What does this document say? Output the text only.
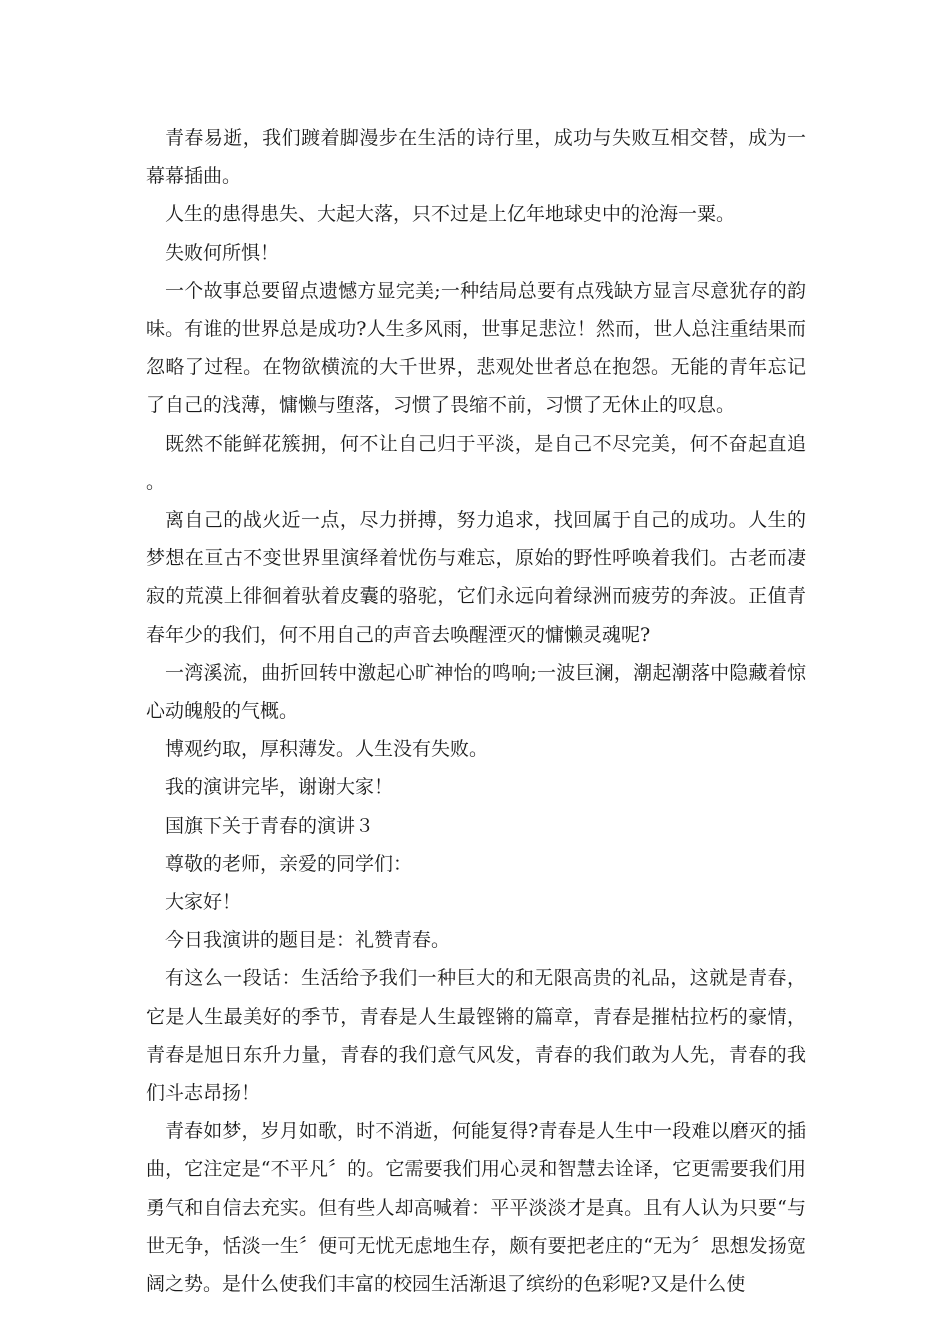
青春易逝，我们踱着脚漫步在生活的诗行里，成功与失败互相交替，成为一幕幕插曲。

人生的患得患失、大起大落，只不过是上亿年地球史中的沧海一粟。

失败何所惧！

一个故事总要留点遗憾方显完美;一种结局总要有点残缺方显言尽意犹存的韵味。有谁的世界总是成功?人生多风雨，世事足悲泣！然而，世人总注重结果而忽略了过程。在物欲横流的大千世界，悲观处世者总在抱怨。无能的青年忘记了自己的浅薄，慵懒与堕落，习惯了畏缩不前，习惯了无休止的叹息。

既然不能鲜花簇拥，何不让自己归于平淡，是自己不尽完美，何不奋起直追。

离自己的战火近一点，尽力拼搏，努力追求，找回属于自己的成功。人生的梦想在亘古不变世界里演绎着忧伤与难忘，原始的野性呼唤着我们。古老而凄寂的荒漠上徘徊着驮着皮囊的骆驼，它们永远向着绿洲而疲劳的奔波。正值青春年少的我们，何不用自己的声音去唤醒湮灭的慵懒灵魂呢?

一湾溪流，曲折回转中激起心旷神怡的鸣响;一波巨澜，潮起潮落中隐藏着惊心动魄般的气概。

博观约取，厚积薄发。人生没有失败。

我的演讲完毕，谢谢大家！

国旗下关于青春的演讲３

尊敬的老师，亲爱的同学们：

大家好！

今日我演讲的题目是：礼赞青春。

有这么一段话：生活给予我们一种巨大的和无限高贵的礼品，这就是青春，它是人生最美好的季节，青春是人生最铿锵的篇章，青春是摧枯拉朽的豪情，青春是旭日东升力量，青春的我们意气风发，青春的我们敢为人先，青春的我们斗志昂扬！

青春如梦，岁月如歌，时不消逝，何能复得?青春是人生中一段难以磨灭的插曲，它注定是“不平凡〞的。它需要我们用心灵和智慧去诠译，它更需要我们用勇气和自信去充实。但有些人却高喊着：平平淡淡才是真。且有人认为只要“与世无争，恬淡一生〞便可无忧无虑地生存，颇有要把老庄的“无为〞思想发扬宽阔之势。是什么使我们丰富的校园生活渐退了缤纷的色彩呢?又是什么使
